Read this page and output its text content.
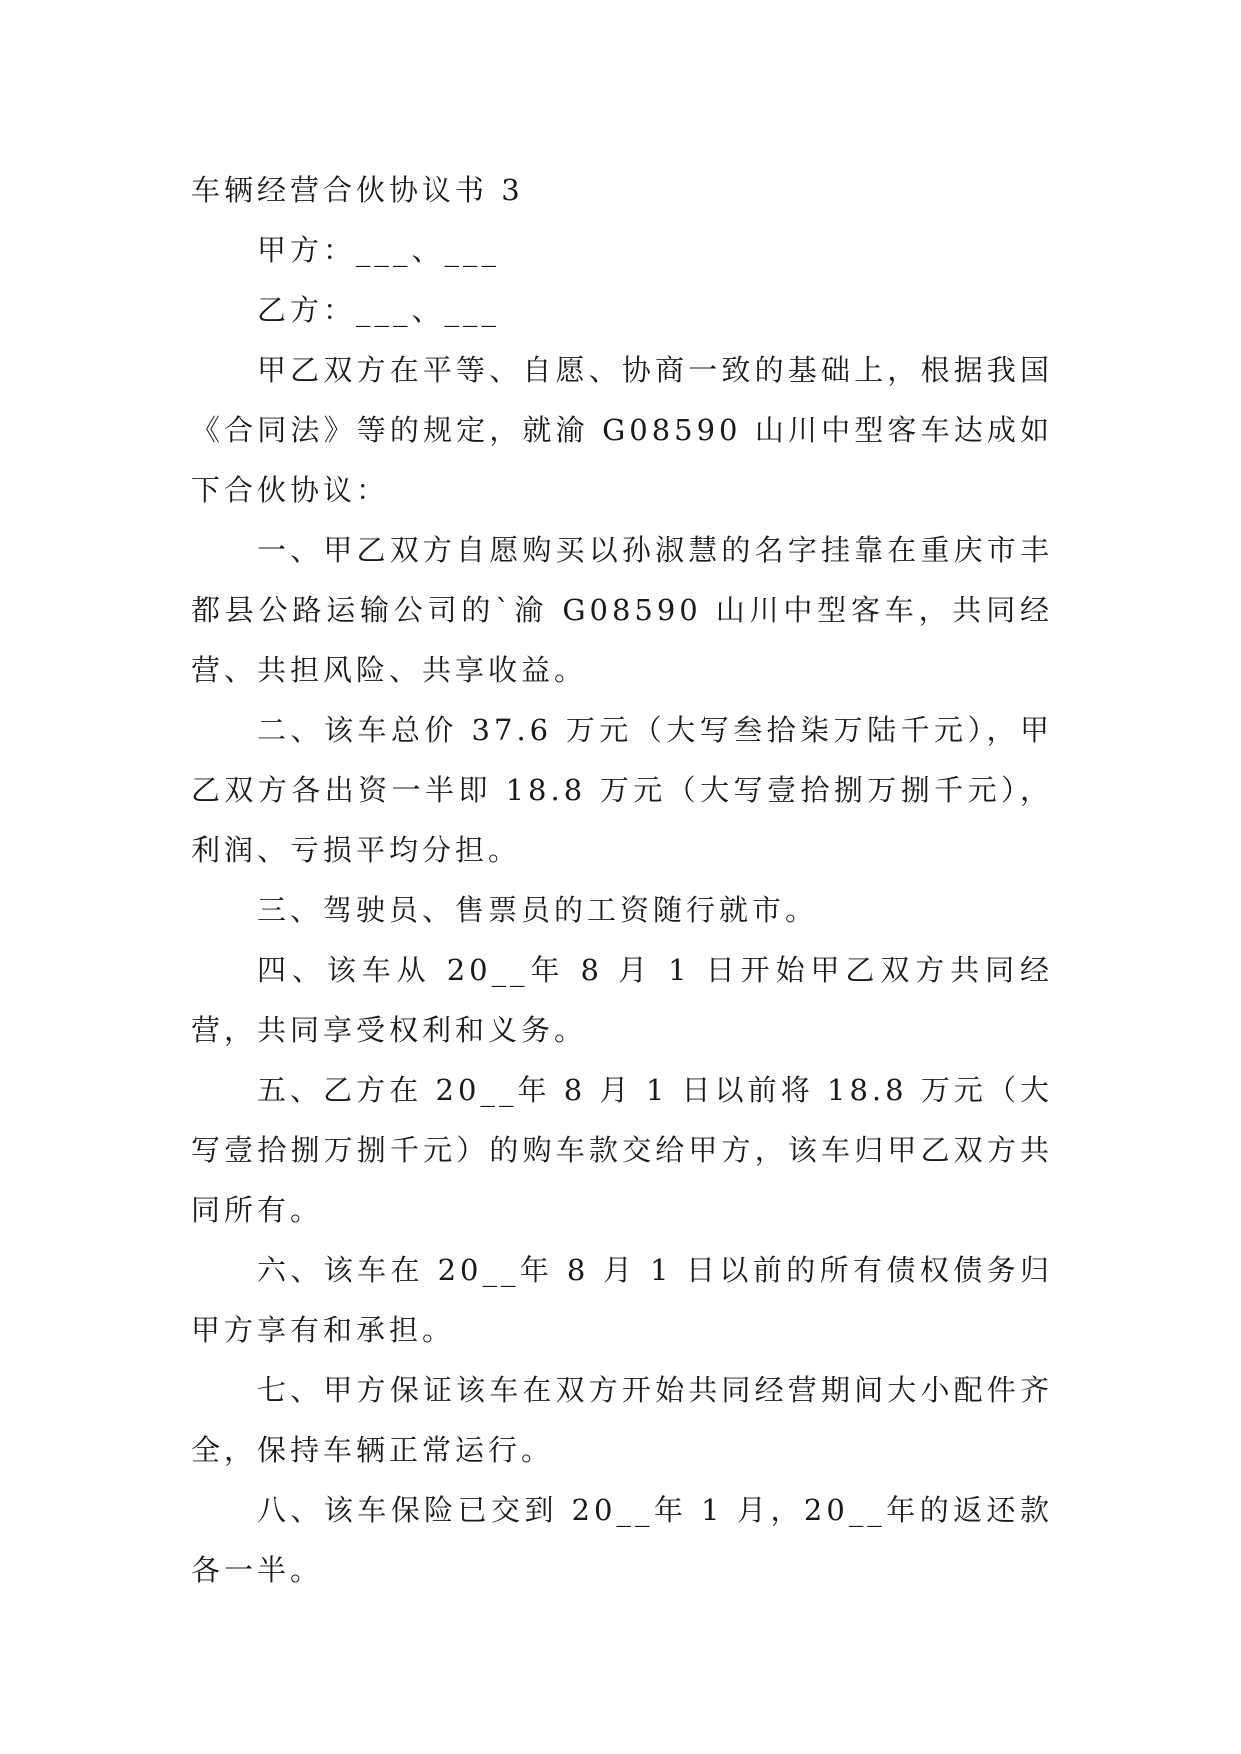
车辆经营合伙协议书 3

甲方：___、___

乙方：___、___

甲乙双方在平等、自愿、协商一致的基础上，根据我国《合同法》等的规定，就渝 G08590 山川中型客车达成如下合伙协议：

一、甲乙双方自愿购买以孙淑慧的名字挂靠在重庆市丰都县公路运输公司的`渝 G08590 山川中型客车，共同经营、共担风险、共享收益。

二、该车总价 37.6 万元（大写叁拾柒万陆千元），甲乙双方各出资一半即 18.8 万元（大写壹拾捌万捌千元），利润、亏损平均分担。

三、驾驶员、售票员的工资随行就市。

四、该车从 20__年 8 月 1 日开始甲乙双方共同经营，共同享受权利和义务。

五、乙方在 20__年 8 月 1 日以前将 18.8 万元（大写壹拾捌万捌千元）的购车款交给甲方，该车归甲乙双方共同所有。

六、该车在 20__年 8 月 1 日以前的所有债权债务归甲方享有和承担。

七、甲方保证该车在双方开始共同经营期间大小配件齐全，保持车辆正常运行。

八、该车保险已交到 20__年 1 月，20__年的返还款各一半。
